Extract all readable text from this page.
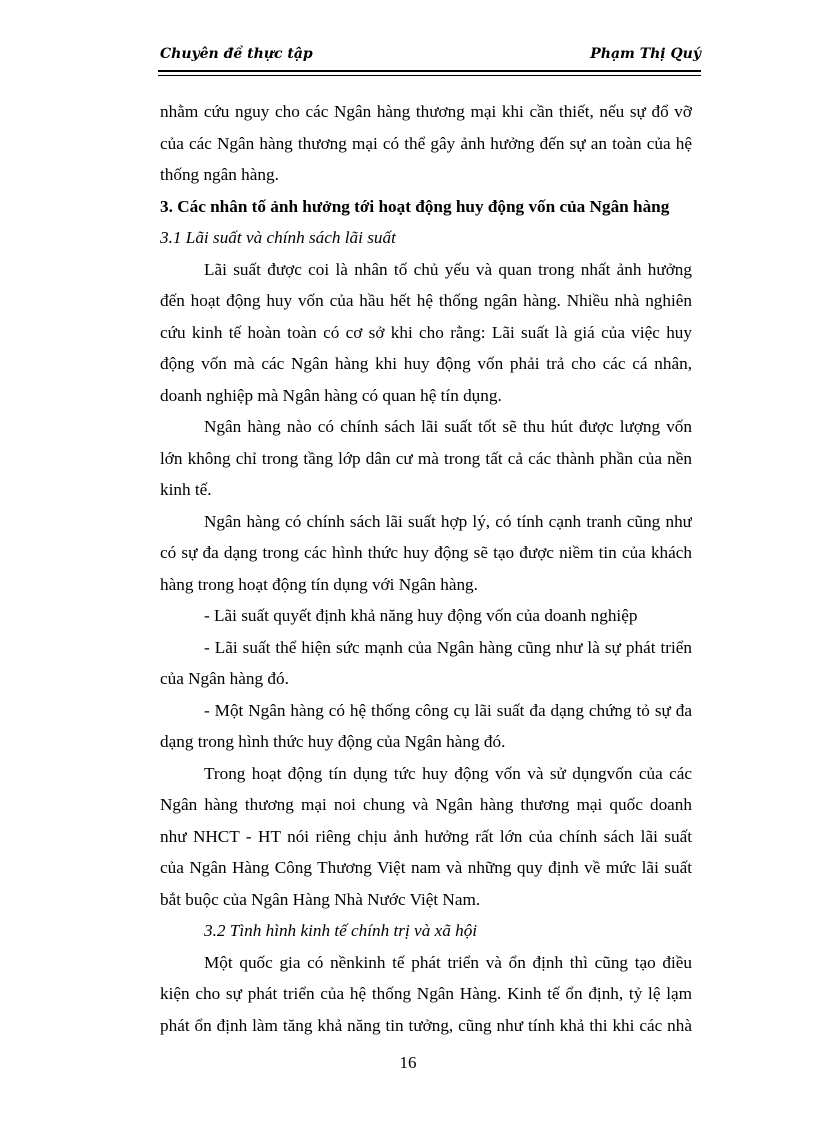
Chuyên đề thực tập	Phạm Thị Quý
nhằm cứu nguy cho các Ngân hàng thương mại khi cần thiết, nếu sự đổ vỡ
của các Ngân hàng thương mại có thể gây ảnh hưởng đến sự an toàn của hệ
thống ngân hàng.
3. Các nhân tố ảnh hưởng tới hoạt động huy động vốn của Ngân hàng
3.1 Lãi suất và chính sách lãi suất
Lãi suất được coi là nhân tố chủ yếu và quan trong nhất ảnh hưởng
đến hoạt động huy vốn của hầu hết hệ thống ngân hàng. Nhiều nhà nghiên
cứu kinh tế hoàn toàn có cơ sở khi cho rằng: Lãi suất là giá của việc huy
động vốn mà các Ngân hàng khi huy động vốn phải trả cho các cá nhân,
doanh nghiệp mà Ngân hàng có quan hệ tín dụng.
Ngân hàng nào có chính sách lãi suất tốt sẽ thu hút được lượng vốn
lớn không chỉ trong tầng lớp dân cư mà trong tất cả các thành phần của nền
kinh tế.
Ngân hàng có chính sách lãi suất hợp lý, có tính cạnh tranh cũng như
có sự đa dạng trong các hình thức huy động sẽ tạo được niềm tin của khách
hàng trong hoạt động tín dụng với Ngân hàng.
- Lãi suất quyết định khả năng huy động vốn của doanh nghiệp
- Lãi suất thể hiện sức mạnh của Ngân hàng cũng như là sự phát triển
của Ngân hàng đó.
- Một Ngân hàng có hệ thống công cụ lãi suất đa dạng chứng tỏ sự đa
dạng trong hình thức huy động của Ngân hàng đó.
Trong hoạt động tín dụng tức huy động vốn và sử dụngvốn của các
Ngân hàng thương mại noi chung và Ngân hàng thương mại quốc doanh
như NHCT - HT nói riêng chịu ảnh hưởng rất lớn của chính sách lãi suất
của Ngân Hàng Công Thương Việt nam và những quy định về mức lãi suất
bắt buộc của Ngân Hàng Nhà Nước Việt Nam.
3.2 Tình hình kinh tế chính trị và xã hội
Một quốc gia có nềnkinh tế phát triển và ổn định thì cũng tạo điều
kiện cho sự phát triển của hệ thống Ngân Hàng. Kinh tế ổn định, tỷ lệ lạm
phát ổn định làm tăng khả năng tin tưởng, cũng như tính khả thi khi các nhà
16
